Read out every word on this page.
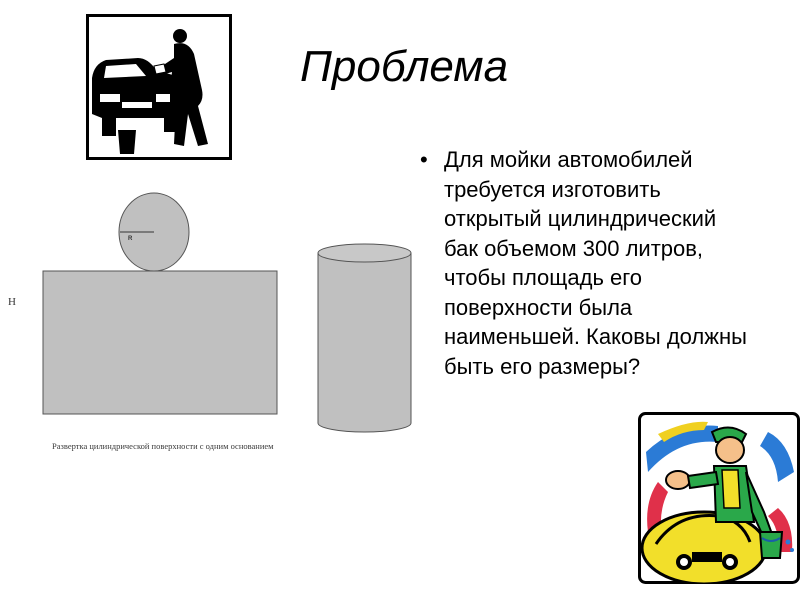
Проблема
• Для мойки автомобилей требуется изготовить открытый цилиндрический бак объемом 300 литров, чтобы площадь его поверхности была наименьшей. Каковы должны быть его размеры?
R
H
Развертка цилиндрической поверхности с одним основанием
